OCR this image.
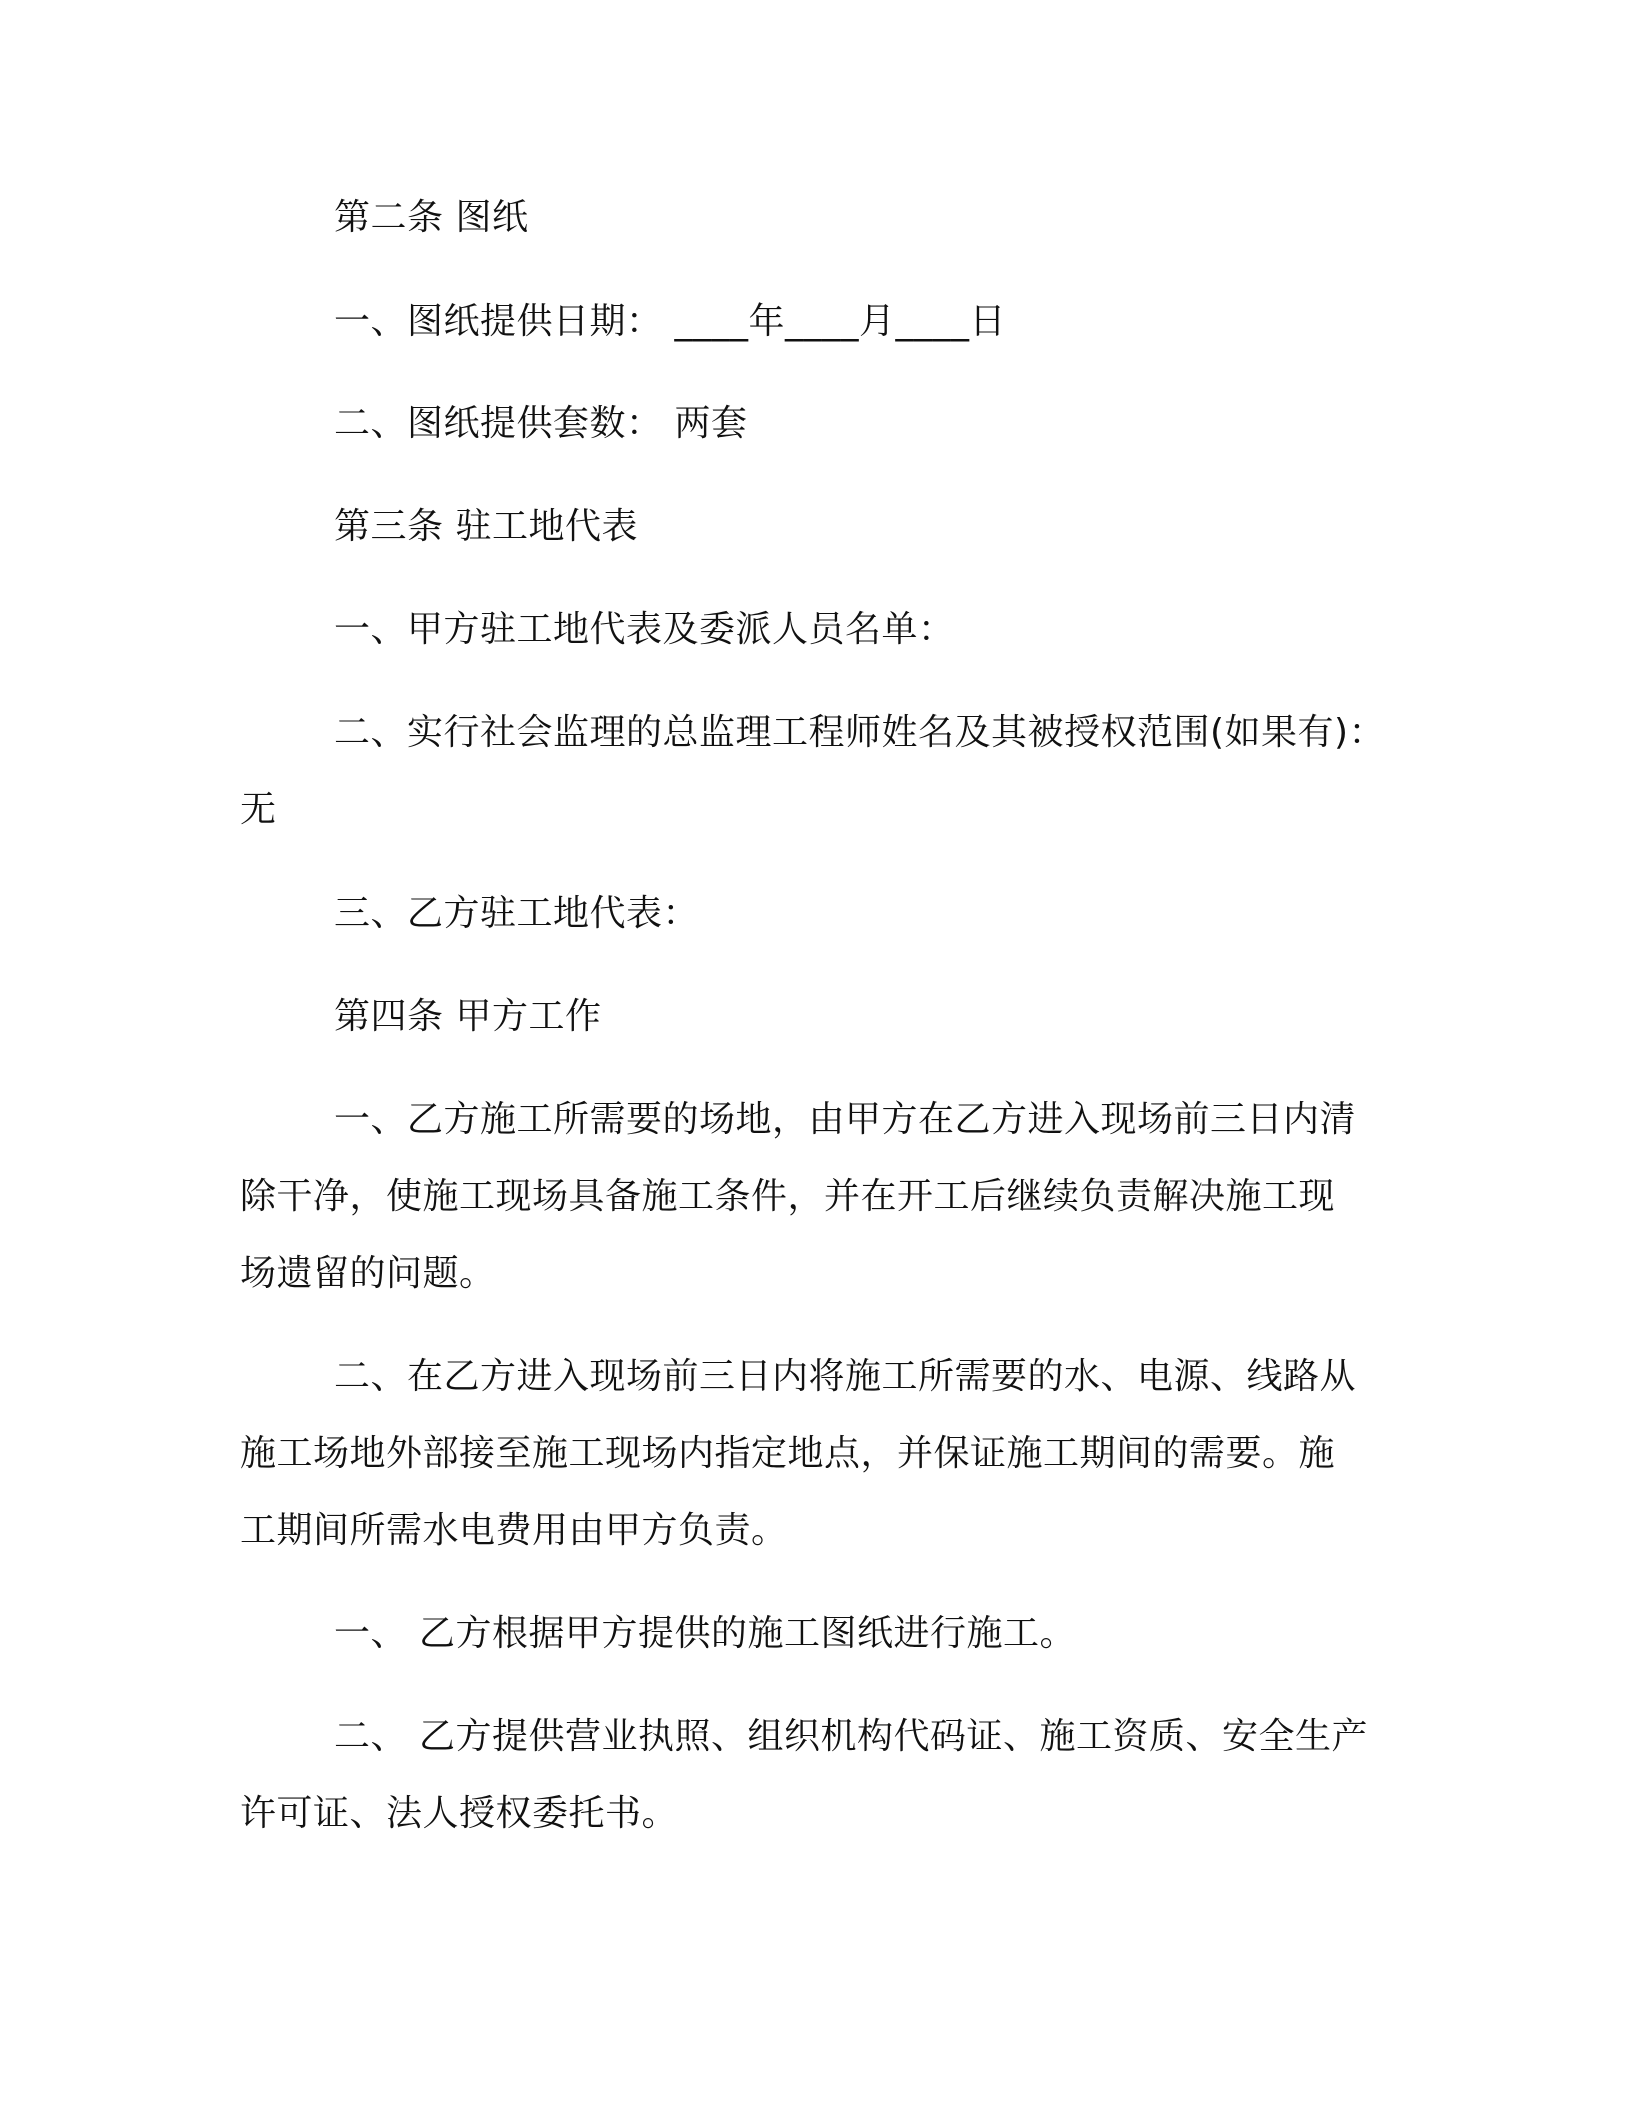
第二条 图纸
一、图纸提供日期： ____年____月____日
二、图纸提供套数： 两套
第三条 驻工地代表
一、甲方驻工地代表及委派人员名单：
二、实行社会监理的总监理工程师姓名及其被授权范围(如果有)：
无
三、乙方驻工地代表：
第四条 甲方工作
一、乙方施工所需要的场地，由甲方在乙方进入现场前三日内清
除干净，使施工现场具备施工条件，并在开工后继续负责解决施工现
场遗留的问题。
二、在乙方进入现场前三日内将施工所需要的水、电源、线路从
施工场地外部接至施工现场内指定地点，并保证施工期间的需要。施
工期间所需水电费用由甲方负责。
一、 乙方根据甲方提供的施工图纸进行施工。
二、 乙方提供营业执照、组织机构代码证、施工资质、安全生产
许可证、法人授权委托书。
